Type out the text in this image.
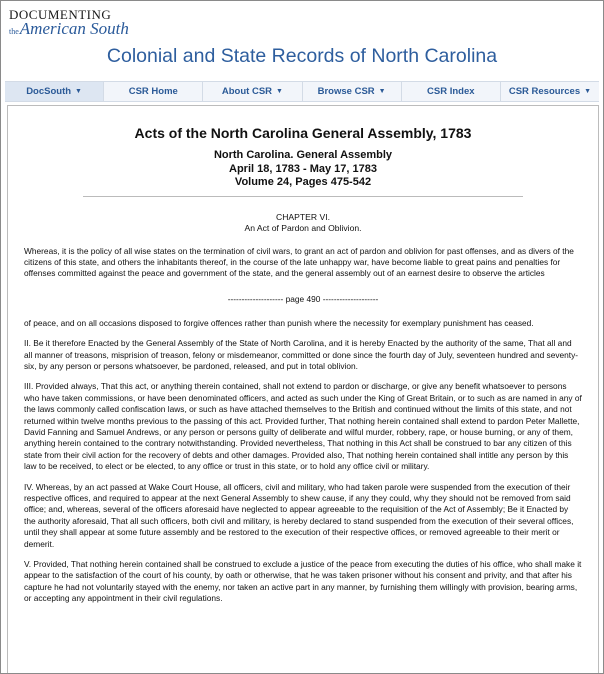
DOCUMENTING
theAmerican South
Colonial and State Records of North Carolina
DocSouth ▼	CSR Home	About CSR ▼	Browse CSR ▼	CSR Index	CSR Resources ▼
Acts of the North Carolina General Assembly, 1783
North Carolina. General Assembly
April 18, 1783 - May 17, 1783
Volume 24, Pages 475-542
CHAPTER VI.
An Act of Pardon and Oblivion.

Whereas, it is the policy of all wise states on the termination of civil wars, to grant an act of pardon and oblivion for past offenses, and as divers of the citizens of this state, and others the inhabitants thereof, in the course of the late unhappy war, have become liable to great pains and penalties for offenses committed against the peace and government of the state, and the general assembly out of an earnest desire to observe the articles

-------------------- page 490 --------------------

of peace, and on all occasions disposed to forgive offences rather than punish where the necessity for exemplary punishment has ceased.

II. Be it therefore Enacted by the General Assembly of the State of North Carolina, and it is hereby Enacted by the authority of the same, That all and all manner of treasons, misprision of treason, felony or misdemeanor, committed or done since the fourth day of July, seventeen hundred and seventy-six, by any person or persons whatsoever, be pardoned, released, and put in total oblivion.

III. Provided always, That this act, or anything therein contained, shall not extend to pardon or discharge, or give any benefit whatsoever to persons who have taken commissions, or have been denominated officers, and acted as such under the King of Great Britain, or to such as are named in any of the laws commonly called confiscation laws, or such as have attached themselves to the British and continued without the limits of this state, and not returned within twelve months previous to the passing of this act. Provided further, That nothing herein contained shall extend to pardon Peter Mallette, David Fanning and Samuel Andrews, or any person or persons guilty of deliberate and wilful murder, robbery, rape, or house burning, or any of them, anything herein contained to the contrary notwithstanding. Provided nevertheless, That nothing in this Act shall be construed to bar any citizen of this state from their civil action for the recovery of debts and other damages. Provided also, That nothing herein contained shall intitle any person by this law to be received, to elect or be elected, to any office or trust in this state, or to hold any office civil or military.

IV. Whereas, by an act passed at Wake Court House, all officers, civil and military, who had taken parole were suspended from the execution of their respective offices, and required to appear at the next General Assembly to shew cause, if any they could, why they should not be removed from said office; and, whereas, several of the officers aforesaid have neglected to appear agreeable to the requisition of the Act of Assembly; Be it Enacted by the authority aforesaid, That all such officers, both civil and military, is hereby declared to stand suspended from the execution of their several offices, until they shall appear at some future assembly and be restored to the execution of their respective offices, or removed agreeable to their merit or demerit.

V. Provided, That nothing herein contained shall be construed to exclude a justice of the peace from executing the duties of his office, who shall make it appear to the satisfaction of the court of his county, by oath or otherwise, that he was taken prisoner without his consent and privity, and that after his capture he had not voluntarily stayed with the enemy, nor taken an active part in any manner, by furnishing them willingly with provision, bearing arms, or accepting any appointment in their civil regulations.
